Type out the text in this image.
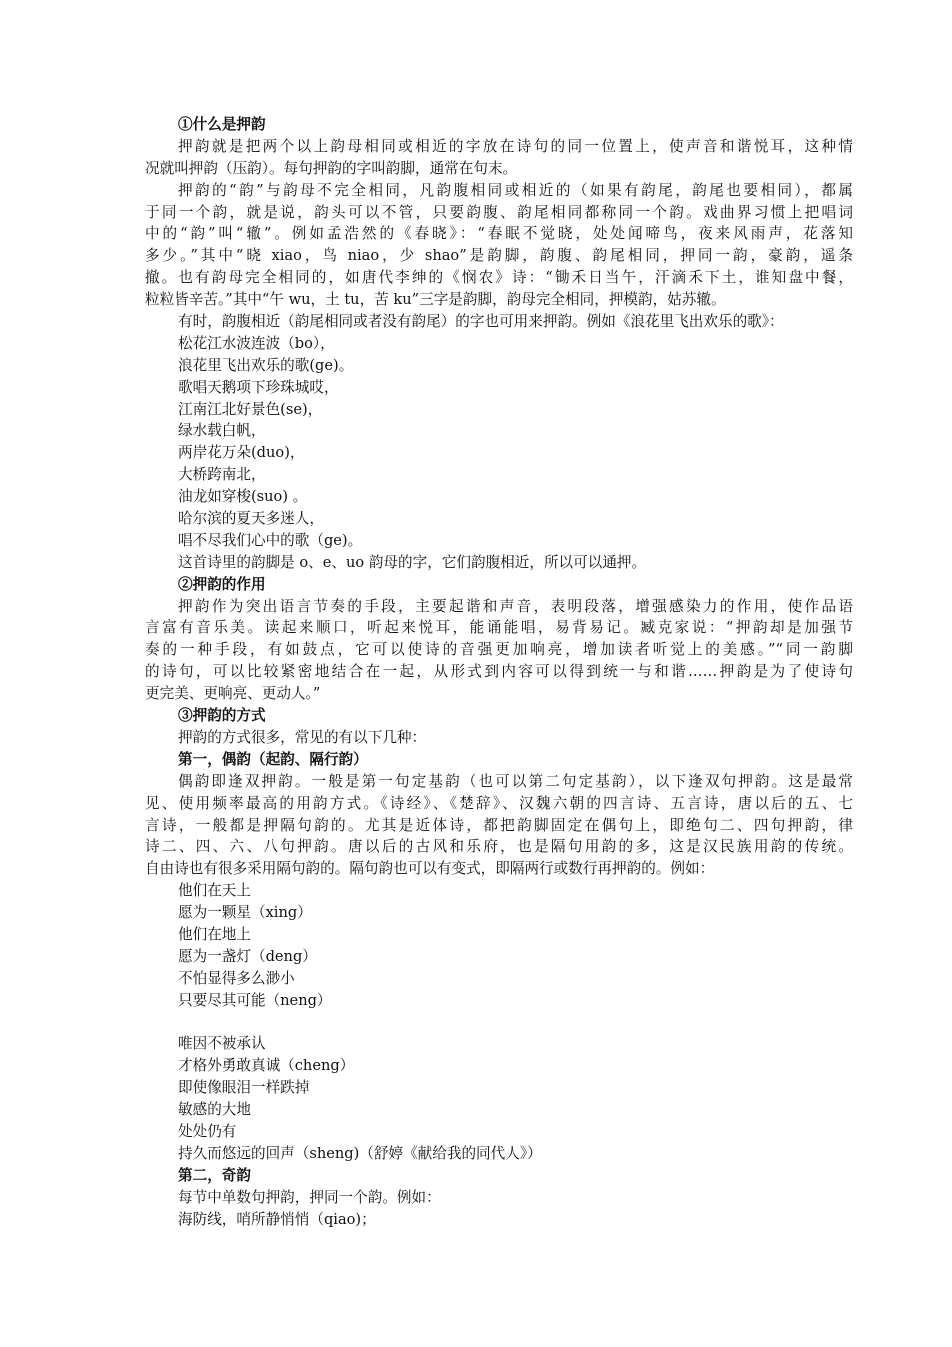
①什么是押韵
押韵就是把两个以上韵母相同或相近的字放在诗句的同一位置上，使声音和谐悦耳，这种情
况就叫押韵（压韵）。每句押韵的字叫韵脚，通常在句末。
押韵的“韵”与韵母不完全相同，凡韵腹相同或相近的（如果有韵尾，韵尾也要相同），都属
于同一个韵，就是说，韵头可以不管，只要韵腹、韵尾相同都称同一个韵。戏曲界习惯上把唱词
中的“韵”叫“辙”。例如孟浩然的《春晓》：“春眠不觉晓，处处闻啼鸟，夜来风雨声，花落知
多少。”其中“晓 xiao，鸟 niao，少 shao”是韵脚，韵腹、韵尾相同，押同一韵，豪韵，遥条
撤。也有韵母完全相同的，如唐代李绅的《悯农》诗：“锄禾日当午，汗滴禾下土，谁知盘中餐，
粒粒皆辛苦。”其中“午 wu，土 tu，苦 ku”三字是韵脚，韵母完全相同，押模韵，姑苏辙。
有时，韵腹相近（韵尾相同或者没有韵尾）的字也可用来押韵。例如《浪花里飞出欢乐的歌》：
松花江水波连波（bo），
浪花里飞出欢乐的歌(ge)。
歌唱天鹅项下珍珠城哎，
江南江北好景色(se)，
绿水载白帆，
两岸花万朵(duo)，
大桥跨南北，
油龙如穿梭(suo) 。
哈尔滨的夏天多迷人，
唱不尽我们心中的歌（ge)。
这首诗里的韵脚是 o、e、uo 韵母的字，它们韵腹相近，所以可以通押。
②押韵的作用
押韵作为突出语言节奏的手段，主要起谐和声音，表明段落，增强感染力的作用，使作品语
言富有音乐美。读起来顺口，听起来悦耳，能诵能唱，易背易记。臧克家说：“押韵却是加强节
奏的一种手段，有如鼓点，它可以使诗的音强更加响亮，增加读者听觉上的美感。”“同一韵脚
的诗句，可以比较紧密地结合在一起，从形式到内容可以得到统一与和谐……押韵是为了使诗句
更完美、更响亮、更动人。”
③押韵的方式
押韵的方式很多，常见的有以下几种：
第一，偶韵（起韵、隔行韵）
偶韵即逢双押韵。一般是第一句定基韵（也可以第二句定基韵），以下逢双句押韵。这是最常
见、使用频率最高的用韵方式。《诗经》、《楚辞》、汉魏六朝的四言诗、五言诗，唐以后的五、七
言诗，一般都是押隔句韵的。尤其是近体诗，都把韵脚固定在偶句上，即绝句二、四句押韵，律
诗二、四、六、八句押韵。唐以后的古风和乐府，也是隔句用韵的多，这是汉民族用韵的传统。
自由诗也有很多采用隔句韵的。隔句韵也可以有变式，即隔两行或数行再押韵的。例如：
他们在天上
愿为一颗星（xing）
他们在地上
愿为一盏灯（deng）
不怕显得多么渺小
只要尽其可能（neng）
唯因不被承认
才格外勇敢真诚（cheng）
即使像眼泪一样跌掉
敏感的大地
处处仍有
持久而悠远的回声（sheng)（舒婷《献给我的同代人》）
第二，奇韵
每节中单数句押韵，押同一个韵。例如：
海防线，哨所静悄悄（qiao)；
